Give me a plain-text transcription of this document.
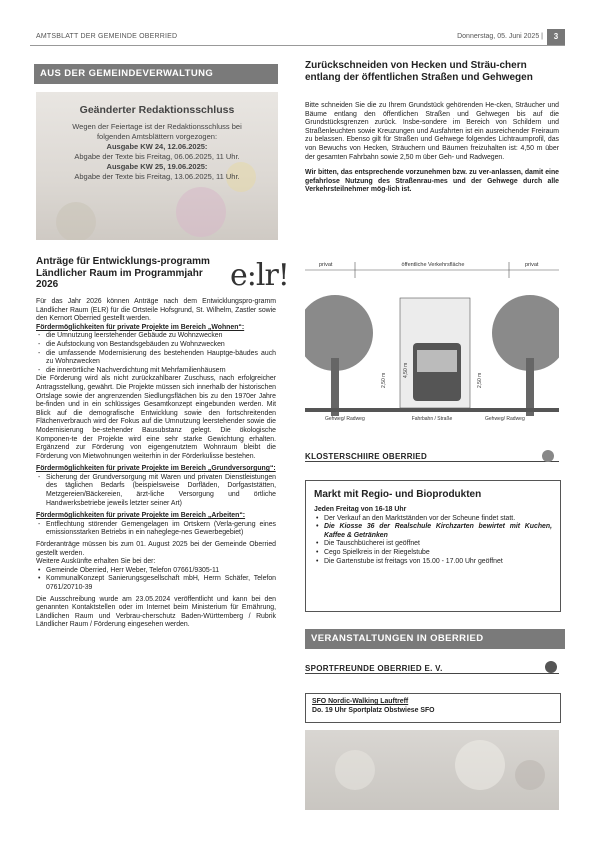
AMTSBLATT DER GEMEINDE OBERRIED	Donnerstag, 05. Juni 2025 |	3
AUS DER GEMEINDEVERWALTUNG
Geänderter Redaktionsschluss
Wegen der Feiertage ist der Redaktionsschluss bei
folgenden Amtsblättern vorgezogen:
Ausgabe KW 24, 12.06.2025:
Abgabe der Texte bis Freitag, 06.06.2025, 11 Uhr.
Ausgabe KW 25, 19.06.2025:
Abgabe der Texte bis Freitag, 13.06.2025, 11 Uhr.
Anträge für Entwicklungs-programm Ländlicher Raum im Programmjahr 2026	e:lr!

Für das Jahr 2026 können Anträge nach dem Entwicklungspro-gramm Ländlicher Raum (ELR) für die Ortsteile Hofsgrund, St. Wilhelm, Zastler sowie den Kernort Oberried gestellt werden.

Fördermöglichkeiten für private Projekte im Bereich „Wohnen“:

- die Umnutzung leerstehender Gebäude zu Wohnzwecken
- die Aufstockung von Bestandsgebäuden zu Wohnzwecken
- die umfassende Modernisierung des bestehenden Hauptge-bäudes auch zu Wohnzwecken
- die innerörtliche Nachverdichtung mit Mehrfamilienhäusern

Die Förderung wird als nicht zurückzahlbarer Zuschuss, nach erfolgreicher Antragsstellung, gewährt. Die Projekte müssen sich innerhalb der historischen Ortslage sowie der angrenzenden Siedlungsflächen bis zu den 1970er Jahre be-finden und in ein schlüssiges Gesamtkonzept eingebunden werden. Mit Blick auf die demografische Entwicklung sowie den fortschreitenden Flächenverbrauch wird der Fokus auf die Umnutzung leerstehender sowie die Modernisierung be-stehender Bausubstanz gelegt. Die ökologische Komponen-te der Projekte wird eine sehr starke Gewichtung erhalten. Ergänzend zur Förderung von eigengenutztem Wohnraum bleibt die Förderung von Mietwohnungen weiterhin in der Förderkulisse bestehen.

Fördermöglichkeiten für private Projekte im Bereich „Grundversorgung“:

- Sicherung der Grundversorgung mit Waren und privaten Dienstleistungen des täglichen Bedarfs (beispielsweise Dorfläden, Dorfgaststätten, Metzgereien/Bäckereien, ärzt-liche Versorgung und örtliche Handwerksbetriebe jeweils letzter seiner Art)

Fördermöglichkeiten für private Projekte im Bereich „Arbeiten“:

- Entflechtung störender Gemengelagen im Ortskern (Verla-gerung eines emissionsstarken Betriebs in ein naheglege-nes Gewerbegebiet)

Förderanträge müssen bis zum 01. August 2025 bei der Gemeinde Oberried gestellt werden.

Weitere Auskünfte erhalten Sie bei der:

• Gemeinde Oberried, Herr Weber, Telefon 07661/9305-11
• KommunalKonzept Sanierungsgesellschaft mbH, Herrn Schäfer, Telefon 0761/20710-39

Die Ausschreibung wurde am 23.05.2024 veröffentlicht und kann bei den genannten Kontaktstellen oder im Internet beim Ministerium für Ernährung, Ländlichen Raum und Verbrau-cherschutz Baden-Württemberg / Rubrik Ländlicher Raum / Förderung eingesehen werden.

Zurückschneiden von Hecken und Sträu-chern entlang der öffentlichen Straßen und Gehwegen

Bitte schneiden Sie die zu Ihrem Grundstück gehörenden He-cken, Sträucher und Bäume entlang den öffentlichen Straßen und Gehwegen bis auf die Grundstücksgrenzen zurück. Insbe-sondere im Bereich von Schildern und Straßenleuchten sowie Kreuzungen und Ausfahrten ist ein ausreichender Freiraum zu belassen. Ebenso gilt für Straßen und Gehwege folgendes Lichtraumprofil, das von Bewuchs von Hecken, Sträuchern und Bäumen freizuhalten ist: 4,50 m über der gesamten Fahrbahn sowie 2,50 m über Geh- und Radwegen.

Wir bitten, das entsprechende vorzunehmen bzw. zu ver-anlassen, damit eine gefahrlose Nutzung des Straßenrau-mes und der Gehwege durch alle Verkehrsteilnehmer mög-lich ist.

privat	öffentliche Verkehrsfläche	privat
2,50 m
4,50 m
2,50 m
Gehweg/ Radweg	Fahrbahn / Straße	Gehweg/ Radweg
KLOSTERSCHIIRE OBERRIED
Markt mit Regio- und Bioprodukten

Jeden Freitag von 16-18 Uhr

• Der Verkauf an den Marktständen vor der Scheune findet statt.
• Die Kiosse 36 der Realschule Kirchzarten bewirtet mit Kuchen, Kaffee & Getränken
• Die Tauschbücherei ist geöffnet
• Cego Spielkreis in der Riegelstube
• Die Gartenstube ist freitags von 15.00 - 17.00 Uhr geöffnet
VERANSTALTUNGEN IN OBERRIED
SPORTFREUNDE OBERRIED E. V.
SFO Nordic-Walking Lauftreff
Do. 19 Uhr Sportplatz Obstwiese SFO
